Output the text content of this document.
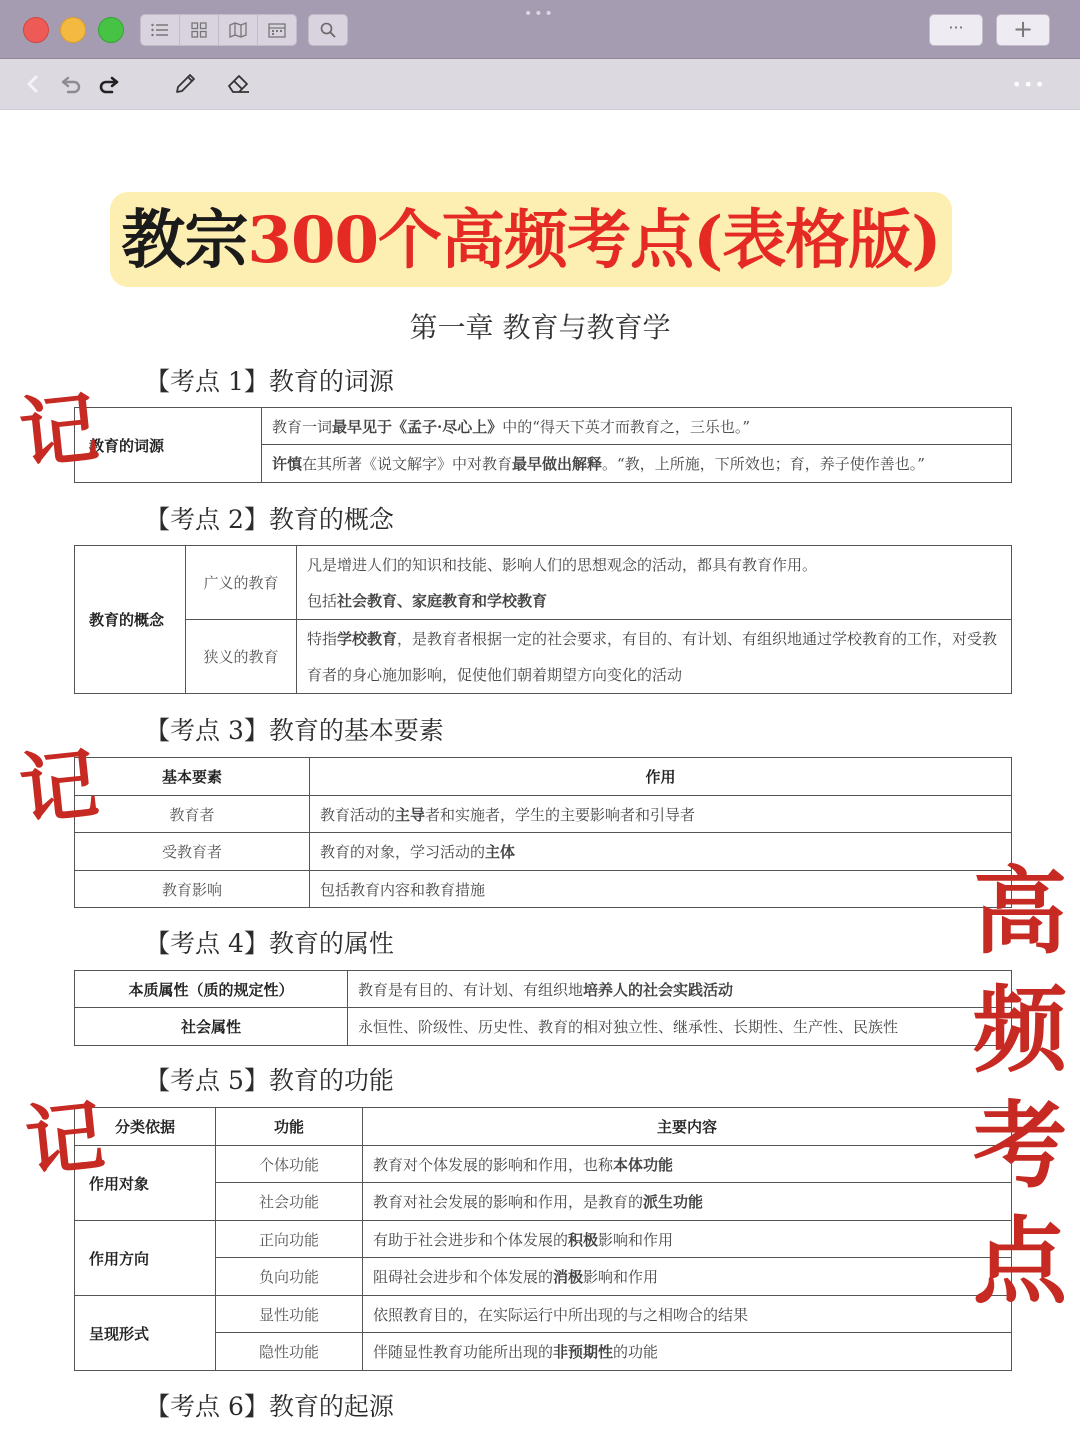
•••
···	+
•••
教宗300个高频考点(表格版)
第一章 教育与教育学
【考点 1】教育的词源
教育的词源	教育一词最早见于《孟子·尽心上》中的“得天下英才而教育之，三乐也。”
许慎在其所著《说文解字》中对教育最早做出解释。“教，上所施，下所效也；育，养子使作善也。”
【考点 2】教育的概念
教育的概念	广义的教育	凡是增进人们的知识和技能、影响人们的思想观念的活动，都具有教育作用。
包括社会教育、家庭教育和学校教育

	狭义的教育	特指学校教育，是教育者根据一定的社会要求，有目的、有计划、有组织地通过学校教育的工作，对受教育者的身心施加影响，促使他们朝着期望方向变化的活动
【考点 3】教育的基本要素
基本要素	作用
教育者	教育活动的主导者和实施者，学生的主要影响者和引导者
受教育者	教育的对象，学习活动的主体
教育影响	包括教育内容和教育措施
【考点 4】教育的属性
本质属性（质的规定性）	教育是有目的、有计划、有组织地培养人的社会实践活动
社会属性	永恒性、阶级性、历史性、教育的相对独立性、继承性、长期性、生产性、民族性
【考点 5】教育的功能
分类依据	功能	主要内容
作用对象	个体功能	教育对个体发展的影响和作用，也称本体功能
	社会功能	教育对社会发展的影响和作用，是教育的派生功能
作用方向	正向功能	有助于社会进步和个体发展的积极影响和作用
	负向功能	阻碍社会进步和个体发展的消极影响和作用
呈现形式	显性功能	依照教育目的，在实际运行中所出现的与之相吻合的结果
	隐性功能	伴随显性教育功能所出现的非预期性的功能
【考点 6】教育的起源
记
记
记
高
频
考
点
